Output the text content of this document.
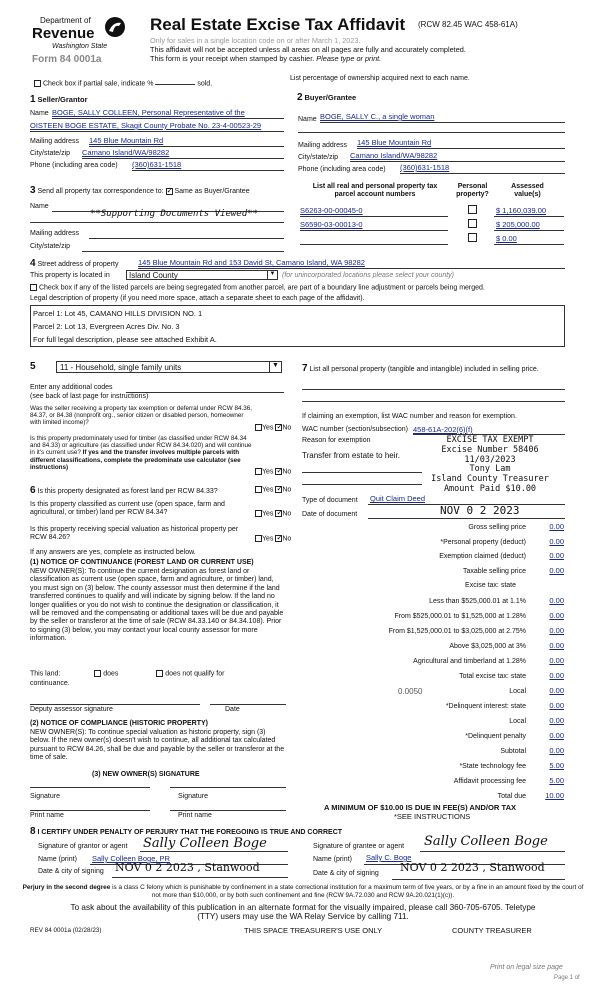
Department of
Revenue
Washington State
Form 84 0001a
Real Estate Excise Tax Affidavit (RCW 82.45 WAC 458-61A)
Only for sales in a single location code on or after March 1, 2023.
This affidavit will not be accepted unless all areas on all pages are fully and accurately completed.
This form is your receipt when stamped by cashier. Please type or print.
Check box if partial sale, indicate %	sold.
List percentage of ownership acquired next to each name.
1 Seller/Grantor
Name BOGE, SALLY COLLEEN, Personal Representative of the
OISTEEN BOGE ESTATE, Skagit County Probate No. 23-4-00523-29
Mailing address 145 Blue Mountain Rd
City/state/zip Camano Island/WA/98282
Phone (including area code) (360)631-1518
2 Buyer/Grantee
Name BOGE, SALLY C., a single woman
Mailing address 145 Blue Mountain Rd
City/state/zip Camano Island/WA/98282
Phone (including area code) (360)631-1518
3 Send all property tax correspondence to: ✓ Same as Buyer/Grantee
Name
**Supporting Documents Viewed**
Mailing address
City/state/zip
List all real and personal property tax
parcel account numbers
Personal
property?
Assessed
value(s)
S6263-00-00045-0	$ 1,160,039.00
S6590-03-00013-0	$ 205,000.00
$ 0.00
4 Street address of property	145 Blue Mountain Rd and 153 David St, Camano Island, WA 98282
This property is located in Island County	▼ (for unincorporated locations please select your county)
Check box if any of the listed parcels are being segregated from another parcel, are part of a boundary line adjustment or parcels being merged.
Legal description of property (if you need more space, attach a separate sheet to each page of the affidavit).
Parcel 1: Lot 45, CAMANO HILLS DIVISION NO. 1
Parcel 2: Lot 13, Evergreen Acres Div. No. 3
For full legal description, please see attached Exhibit A.
5	11 - Household, single family units	▼
Enter any additional codes
(see back of last page for instructions)
Was the seller receiving a property tax exemption or deferral under RCW 84.36, 84.37, or 84.38 (nonprofit org., senior citizen or disabled person, homeowner with limited income)?
Yes ✓ No
Is this property predominately used for timber (as classified under RCW 84.34 and 84.33) or agriculture (as classified under RCW 84.34.020) and will continue in it's current use? If yes and the transfer involves multiple parcels with different classifications, complete the predominate use calculator (see instructions)
Yes ✓ No
6 Is this property designated as forest land per RCW 84.33?	Yes ✓ No
Is this property classified as current use (open space, farm and agricultural, or timber) land per RCW 84.34?	Yes ✓ No
Is this property receiving special valuation as historical property per RCW 84.26?	Yes ✓ No
If any answers are yes, complete as instructed below.
(1) NOTICE OF CONTINUANCE (FOREST LAND OR CURRENT USE)
NEW OWNER(S): To continue the current designation as forest land or classification as current use (open space, farm and agriculture, or timber) land, you must sign on (3) below. The county assessor must then determine if the land transferred continues to qualify and will indicate by signing below. If the land no longer qualifies or you do not wish to continue the designation or classification, it will be removed and the compensating or additional taxes will be due and payable by the seller or transferor at the time of sale (RCW 84.33.140 or 84.34.108). Prior to signing (3) below, you may contact your local county assessor for more information.
This land:	does	does not qualify for
continuance.
Deputy assessor signature	Date
(2) NOTICE OF COMPLIANCE (HISTORIC PROPERTY)
NEW OWNER(S): To continue special valuation as historic property, sign (3) below. If the new owner(s) doesn't wish to continue, all additional tax calculated pursuant to RCW 84.26, shall be due and payable by the seller or transferor at the time of sale.
(3) NEW OWNER(S) SIGNATURE
Signature	Signature
Print name	Print name
7 List all personal property (tangible and intangible) included in selling price.
If claiming an exemption, list WAC number and reason for exemption.
WAC number (section/subsection) 458-61A-202(6)(f)
Reason for exemption
Transfer from estate to heir.
EXCISE TAX EXEMPT
Excise Number 58406
11/03/2023
Tony Lam
Island County Treasurer
Amount Paid $10.00
Type of document Quit Claim Deed
Date of document	NOV 0 2 2023
Gross selling price	0.00
*Personal property (deduct)	0.00
Exemption claimed (deduct)	0.00
Taxable selling price	0.00
Excise tax: state
Less than $525,000.01 at 1.1%	0.00
From $525,000.01 to $1,525,000 at 1.28%	0.00
From $1,525,000.01 to $3,025,000 at 2.75%	0.00
Above $3,025,000 at 3%	0.00
Agricultural and timberland at 1.28%	0.00
Total excise tax: state	0.00
0.0050	Local	0.00
*Delinquent interest: state	0.00
Local	0.00
*Delinquent penalty	0.00
Subtotal	0.00
*State technology fee	5.00
Affidavit processing fee	5.00
Total due	10.00
A MINIMUM OF $10.00 IS DUE IN FEE(S) AND/OR TAX
*SEE INSTRUCTIONS
8 I CERTIFY UNDER PENALTY OF PERJURY THAT THE FOREGOING IS TRUE AND CORRECT
Signature of grantor or agent Sally Colleen Boge
Name (print) Sally Colleen Boge, PR
Date & city of signing NOV 0 2 2023 , Stanwood
Signature of grantee or agent Sally Colleen Boge
Name (print) Sally C. Boge
Date & city of signing NOV 0 2 2023 , Stanwood
Perjury in the second degree is a class C felony which is punishable by confinement in a state correctional institution for a maximum term of five years, or by a fine in an amount fixed by the court of not more than $10,000, or by both such confinement and fine (RCW 9A.72.030 and RCW 9A.20.021(1)(c)).
To ask about the availability of this publication in an alternate format for the visually impaired, please call 360-705-6705. Teletype
(TTY) users may use the WA Relay Service by calling 711.
REV 84 0001a (02/28/23)	THIS SPACE TREASURER'S USE ONLY	COUNTY TREASURER
Print on legal size page
Page 1 of
